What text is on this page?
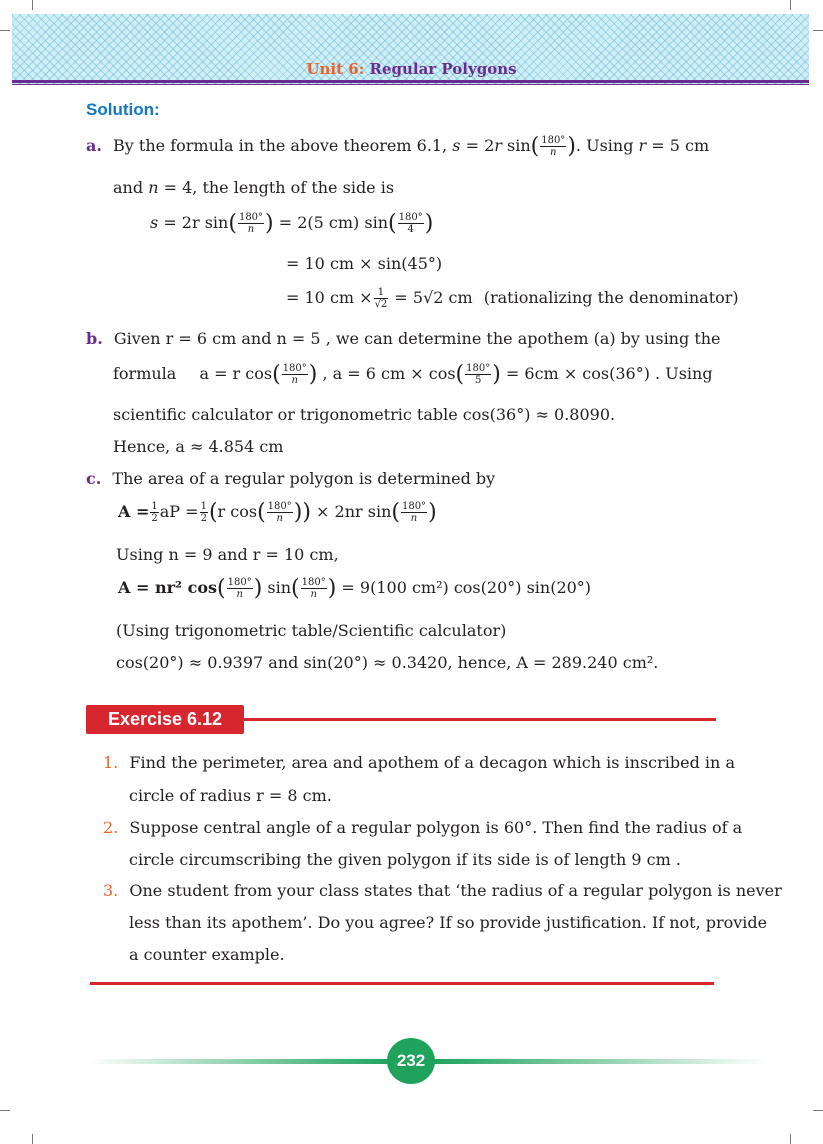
Unit 6: Regular Polygons
Solution:
a. By the formula in the above theorem 6.1, s = 2r $\sin( \frac{180^\circ}{n}$ ). Using r = 5 cm
and n = 4, the length of the side is
s = 2r $\sin( \frac{180^\circ}{n}$ ) = 2(5 cm) $\sin( \frac{180^\circ}{4}$ )
= 10 cm × sin(45°)
= 10 cm × $\frac{1}{√2} = 5√2$ cm (rationalizing the denominator)
b. Given r = 6 cm and n = 5 , we can determine the apothem (a) by using the
formula a = r $\cos( \frac{180^\circ}{n}$ ) , a = 6 cm × $\cos( \frac{180^\circ}{5}$ ) = 6cm × cos(36°) . Using
scientific calculator or trigonometric table cos(36°) ≈ 0.8090.
Hence, a ≈ 4.854 cm
c. The area of a regular polygon is determined by
$A = \frac{1}{2}$ aP = $\frac{1}{2} (r$ $\cos( \frac{180^\circ}{n}$ )) × 2nr $\sin( \frac{180^\circ}{n}$ )
Using n = 9 and r = 10 cm,
A = nr² $\cos( \frac{180^\circ}{n}$ ) $\sin( \frac{180^\circ}{n}$ ) = 9(100 cm²) cos(20°) sin(20°)
(Using trigonometric table/Scientific calculator)
cos(20°) ≈ 0.9397 and sin(20°) ≈ 0.3420, hence, A = 289.240 cm².
Exercise 6.12
1. Find the perimeter, area and apothem of a decagon which is inscribed in a
circle of radius r = 8 cm.
2. Suppose central angle of a regular polygon is 60°. Then find the radius of a
circle circumscribing the given polygon if its side is of length 9 cm .
3. One student from your class states that ‘the radius of a regular polygon is never
less than its apothem’. Do you agree? If so provide justification. If not, provide
a counter example.
232
